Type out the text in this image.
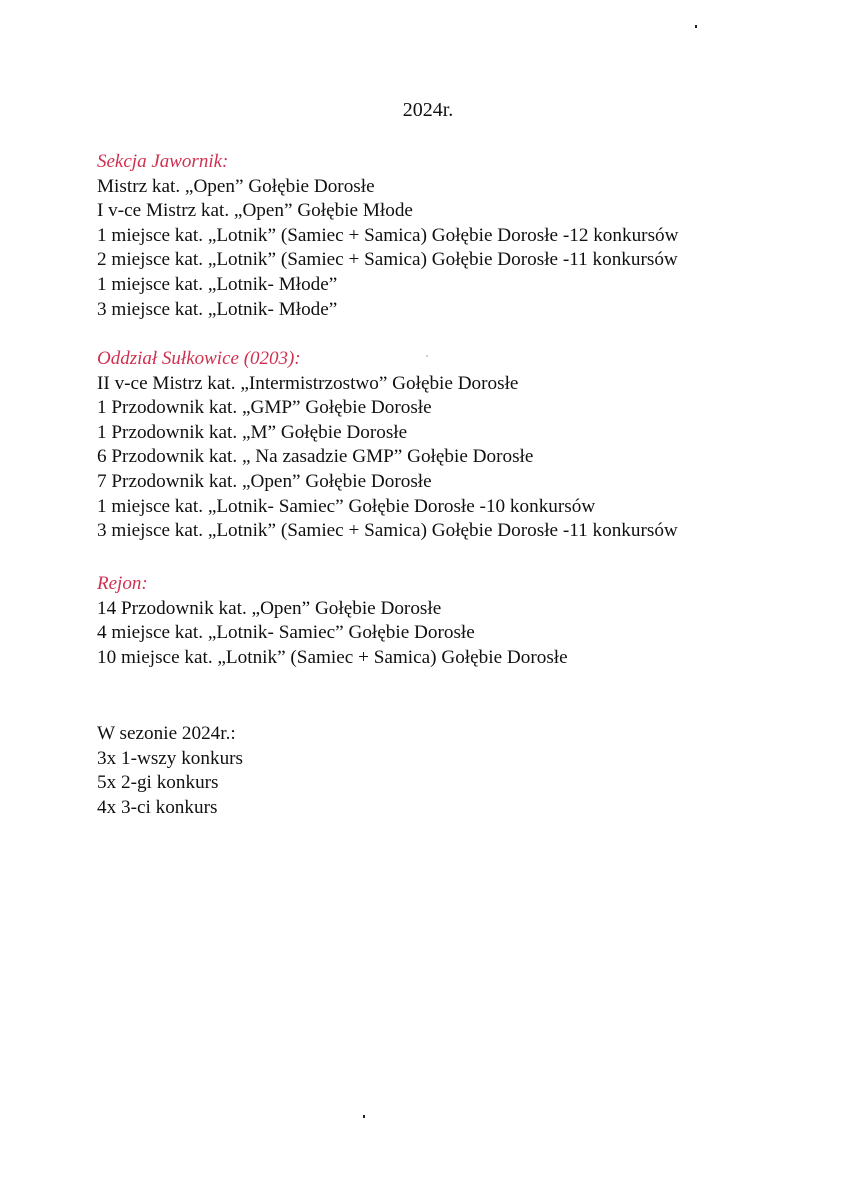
2024r.
Sekcja Jawornik:
Mistrz kat. „Open” Gołębie Dorosłe
I v-ce Mistrz kat. „Open” Gołębie Młode
1 miejsce kat. „Lotnik” (Samiec + Samica) Gołębie Dorosłe -12 konkursów
2 miejsce kat. „Lotnik” (Samiec + Samica) Gołębie Dorosłe -11 konkursów
1 miejsce kat. „Lotnik- Młode”
3 miejsce kat. „Lotnik- Młode”
Oddział Sułkowice (0203):
II v-ce Mistrz kat. „Intermistrzostwo” Gołębie Dorosłe
1 Przodownik kat. „GMP” Gołębie Dorosłe
1 Przodownik kat. „M” Gołębie Dorosłe
6 Przodownik kat. „ Na zasadzie GMP” Gołębie Dorosłe
7 Przodownik kat. „Open” Gołębie Dorosłe
1 miejsce kat. „Lotnik- Samiec” Gołębie Dorosłe -10 konkursów
3 miejsce kat. „Lotnik” (Samiec + Samica) Gołębie Dorosłe -11 konkursów
Rejon:
14 Przodownik kat. „Open” Gołębie Dorosłe
4 miejsce kat. „Lotnik- Samiec” Gołębie Dorosłe
10 miejsce kat. „Lotnik” (Samiec + Samica) Gołębie Dorosłe
W sezonie 2024r.:
3x 1-wszy konkurs
5x 2-gi konkurs
4x 3-ci konkurs
